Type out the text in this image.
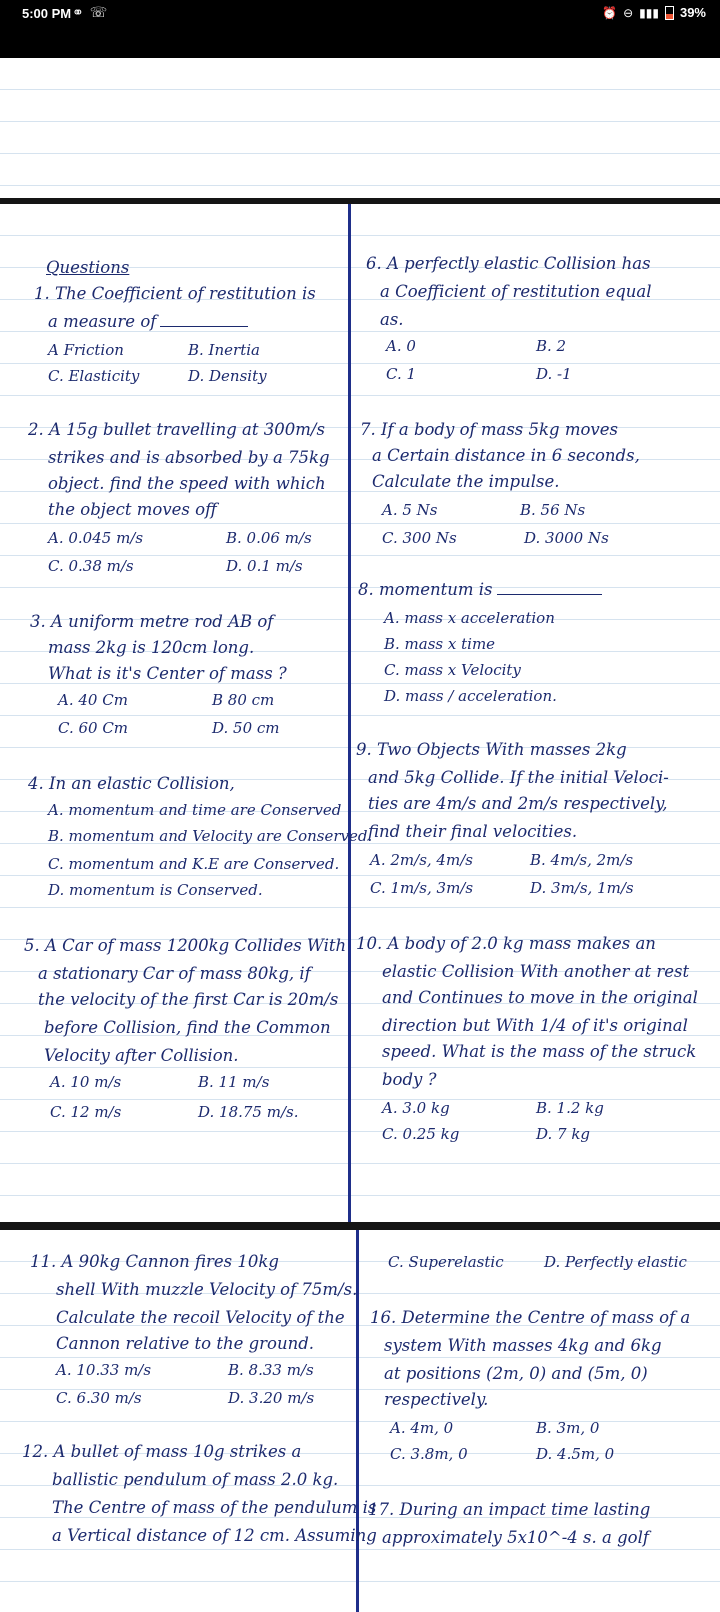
5:00 PM ⚭ ☏	⏰ ⊖ ▮▮▮ 39%
Questions
1. The Coefficient of restitution is
a measure of
A Friction	B. Inertia
C. Elasticity	D. Density
2. A 15g bullet travelling at 300m/s
strikes and is absorbed by a 75kg
object. find the speed with which
the object moves off
A. 0.045 m/s	B. 0.06 m/s
C. 0.38 m/s	D. 0.1 m/s
3. A uniform metre rod AB of
mass 2kg is 120cm long.
What is it's Center of mass ?
A. 40 Cm	B 80 cm
C. 60 Cm	D. 50 cm
4. In an elastic Collision,
A. momentum and time are Conserved
B. momentum and Velocity are Conserved.
C. momentum and K.E are Conserved.
D. momentum is Conserved.
5. A Car of mass 1200kg Collides With
a stationary Car of mass 80kg, if
the velocity of the first Car is 20m/s
before Collision, find the Common
Velocity after Collision.
A. 10 m/s	B. 11 m/s
C. 12 m/s	D. 18.75 m/s.
6. A perfectly elastic Collision has
a Coefficient of restitution equal
as.
A. 0	B. 2
C. 1	D. -1
7. If a body of mass 5kg moves
a Certain distance in 6 seconds,
Calculate the impulse.
A. 5 Ns	B. 56 Ns
C. 300 Ns	D. 3000 Ns
8. momentum is
A. mass x acceleration
B. mass x time
C. mass x Velocity
D. mass / acceleration.
9. Two Objects With masses 2kg
and 5kg Collide. If the initial Veloci-
ties are 4m/s and 2m/s respectively,
find their final velocities.
A. 2m/s, 4m/s	B. 4m/s, 2m/s
C. 1m/s, 3m/s	D. 3m/s, 1m/s
10. A body of 2.0 kg mass makes an
elastic Collision With another at rest
and Continues to move in the original
direction but With 1/4 of it's original
speed. What is the mass of the struck
body ?
A. 3.0 kg	B. 1.2 kg
C. 0.25 kg	D. 7 kg
11. A 90kg Cannon fires 10kg
shell With muzzle Velocity of 75m/s.
Calculate the recoil Velocity of the
Cannon relative to the ground.
A. 10.33 m/s	B. 8.33 m/s
C. 6.30 m/s	D. 3.20 m/s
12. A bullet of mass 10g strikes a
ballistic pendulum of mass 2.0 kg.
The Centre of mass of the pendulum is
a Vertical distance of 12 cm. Assuming
C. Superelastic	D. Perfectly elastic
16. Determine the Centre of mass of a
system With masses 4kg and 6kg
at positions (2m, 0) and (5m, 0)
respectively.
A. 4m, 0	B. 3m, 0
C. 3.8m, 0	D. 4.5m, 0
17. During an impact time lasting
approximately 5x10^-4 s. a golf
